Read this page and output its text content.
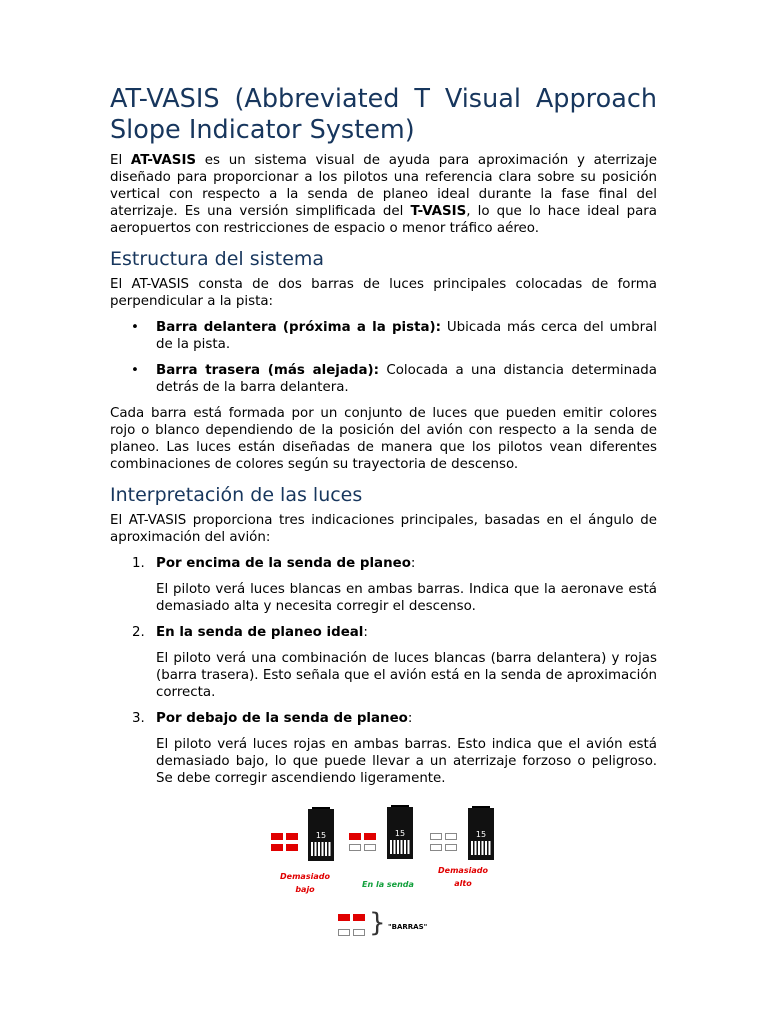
AT-VASIS (Abbreviated T Visual Approach Slope Indicator System)

El AT-VASIS es un sistema visual de ayuda para aproximación y aterrizaje diseñado para proporcionar a los pilotos una referencia clara sobre su posición vertical con respecto a la senda de planeo ideal durante la fase final del aterrizaje. Es una versión simplificada del T-VASIS, lo que lo hace ideal para aeropuertos con restricciones de espacio o menor tráfico aéreo.

Estructura del sistema

El AT-VASIS consta de dos barras de luces principales colocadas de forma perpendicular a la pista:

• Barra delantera (próxima a la pista): Ubicada más cerca del umbral de la pista.
• Barra trasera (más alejada): Colocada a una distancia determinada detrás de la barra delantera.

Cada barra está formada por un conjunto de luces que pueden emitir colores rojo o blanco dependiendo de la posición del avión con respecto a la senda de planeo. Las luces están diseñadas de manera que los pilotos vean diferentes combinaciones de colores según su trayectoria de descenso.

Interpretación de las luces

El AT-VASIS proporciona tres indicaciones principales, basadas en el ángulo de aproximación del avión:

1. Por encima de la senda de planeo:

El piloto verá luces blancas en ambas barras. Indica que la aeronave está demasiado alta y necesita corregir el descenso.

2. En la senda de planeo ideal:

El piloto verá una combinación de luces blancas (barra delantera) y rojas (barra trasera). Esto señala que el avión está en la senda de aproximación correcta.

3. Por debajo de la senda de planeo:

El piloto verá luces rojas en ambas barras. Esto indica que el avión está demasiado bajo, lo que puede llevar a un aterrizaje forzoso o peligroso. Se debe corregir ascendiendo ligeramente.

15	15	15
Demasiado
bajo
En la senda
Demasiado
alto
} "BARRAS"
